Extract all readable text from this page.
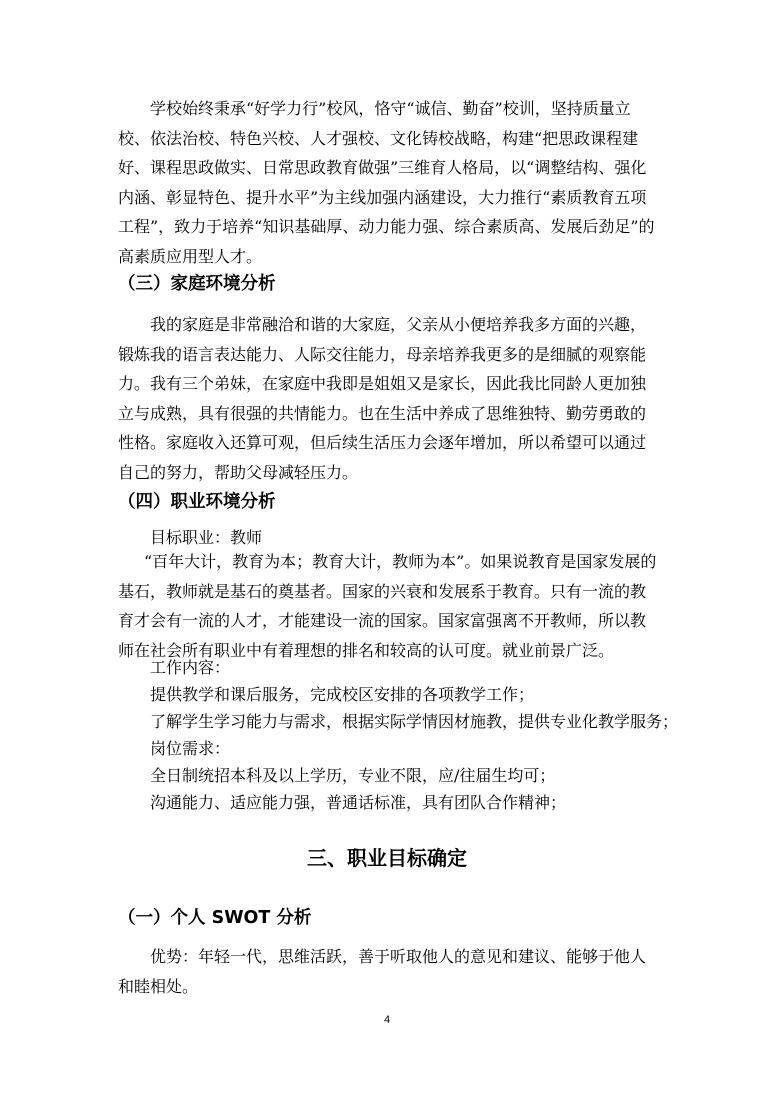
学校始终秉承“好学力行”校风，恪守“诚信、勤奋”校训，坚持质量立校、依法治校、特色兴校、人才强校、文化铸校战略，构建“把思政课程建好、课程思政做实、日常思政教育做强”三维育人格局，以“调整结构、强化内涵、彰显特色、提升水平”为主线加强内涵建设，大力推行“素质教育五项工程”，致力于培养“知识基础厚、动力能力强、综合素质高、发展后劲足”的高素质应用型人才。

（三）家庭环境分析

我的家庭是非常融洽和谐的大家庭，父亲从小便培养我多方面的兴趣，锻炼我的语言表达能力、人际交往能力，母亲培养我更多的是细腻的观察能力。我有三个弟妹，在家庭中我即是姐姐又是家长，因此我比同龄人更加独立与成熟，具有很强的共情能力。也在生活中养成了思维独特、勤劳勇敢的性格。家庭收入还算可观，但后续生活压力会逐年增加，所以希望可以通过自己的努力，帮助父母减轻压力。

（四）职业环境分析

目标职业：教师

“百年大计，教育为本；教育大计，教师为本”。如果说教育是国家发展的基石，教师就是基石的奠基者。国家的兴衰和发展系于教育。只有一流的教育才会有一流的人才，才能建设一流的国家。国家富强离不开教师，所以教师在社会所有职业中有着理想的排名和较高的认可度。就业前景广泛。

工作内容：

提供教学和课后服务，完成校区安排的各项教学工作；

了解学生学习能力与需求，根据实际学情因材施教，提供专业化教学服务；

岗位需求：

全日制统招本科及以上学历，专业不限，应/往届生均可；

沟通能力、适应能力强，普通话标准，具有团队合作精神；

三、职业目标确定
（一）个人 SWOT 分析

优势：年轻一代，思维活跃，善于听取他人的意见和建议、能够于他人和睦相处。

4
